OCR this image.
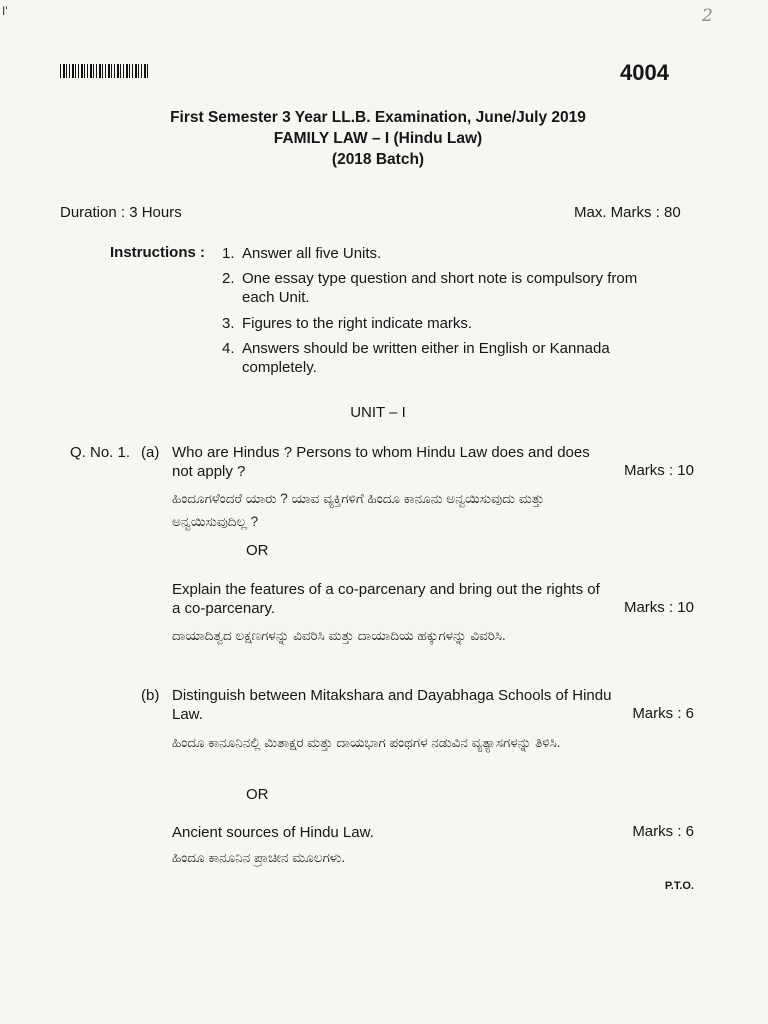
I'	2
4004
First Semester 3 Year LL.B. Examination, June/July 2019
FAMILY LAW – I (Hindu Law)
(2018 Batch)
Duration : 3 Hours	Max. Marks : 80
Instructions : 1. Answer all five Units.
2. One essay type question and short note is compulsory from each Unit.
3. Figures to the right indicate marks.
4. Answers should be written either in English or Kannada completely.
UNIT – I
Q. No. 1. (a) Who are Hindus ? Persons to whom Hindu Law does and does not apply ?	Marks : 10
ಹಿಂದೂಗಳೆಂದರೆ ಯಾರು ? ಯಾವ ವ್ಯಕ್ತಿಗಳಿಗೆ ಹಿಂದೂ ಕಾನೂನು ಅನ್ವಯಿಸುವುದು ಮತ್ತು ಅನ್ವಯಿಸುವುದಿಲ್ಲ ?
OR
Explain the features of a co-parcenary and bring out the rights of a co-parcenary.	Marks : 10
ದಾಯಾದಿತ್ವದ ಲಕ್ಷಣಗಳನ್ನು ವಿವರಿಸಿ ಮತ್ತು ದಾಯಾದಿಯ ಹಕ್ಕುಗಳನ್ನು ವಿವರಿಸಿ.
(b) Distinguish between Mitakshara and Dayabhaga Schools of Hindu Law.	Marks : 6
ಹಿಂದೂ ಕಾನೂನಿನಲ್ಲಿ ಮಿತಾಕ್ಷರ ಮತ್ತು ದಾಯಭಾಗ ಪಂಥಗಳ ನಡುವಿನ ವ್ಯತ್ಯಾಸಗಳನ್ನು ತಿಳಿಸಿ.
OR
Ancient sources of Hindu Law.	Marks : 6
ಹಿಂದೂ ಕಾನೂನಿನ ಪ್ರಾಚೀನ ಮೂಲಗಳು.
P.T.O.
